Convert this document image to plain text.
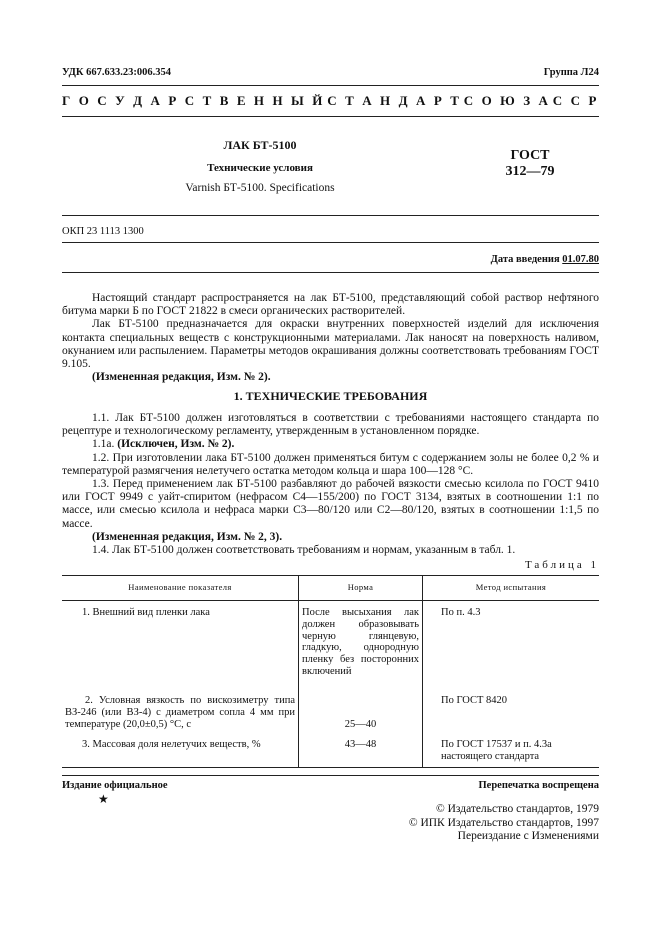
УДК 667.633.23:006.354	Группа Л24
Г О С У Д А Р С Т В Е Н Н Ы Й С Т А Н Д А Р Т С О Ю З А С С Р
ЛАК БТ-5100
Технические условия
Varnish БТ-5100. Specifications
ГОСТ
312—79
ОКП 23 1113 1300
Дата введения 01.07.80

Настоящий стандарт распространяется на лак БТ-5100, представляющий собой раствор нефтяного битума марки Б по ГОСТ 21822 в смеси органических растворителей.

Лак БТ-5100 предназначается для окраски внутренних поверхностей изделий для исключения контакта специальных веществ с конструкционными материалами. Лак наносят на поверхность наливом, окунанием или распылением. Параметры методов окрашивания должны соответствовать требованиям ГОСТ 9.105.

(Измененная редакция, Изм. № 2).

1. ТЕХНИЧЕСКИЕ ТРЕБОВАНИЯ

1.1. Лак БТ-5100 должен изготовляться в соответствии с требованиями настоящего стандарта по рецептуре и технологическому регламенту, утвержденным в установленном порядке.

1.1а. (Исключен, Изм. № 2).

1.2. При изготовлении лака БТ-5100 должен применяться битум с содержанием золы не более 0,2 % и температурой размягчения нелетучего остатка методом кольца и шара 100—128 °С.

1.3. Перед применением лак БТ-5100 разбавляют до рабочей вязкости смесью ксилола по ГОСТ 9410 или ГОСТ 9949 с уайт-спиритом (нефрасом С4—155/200) по ГОСТ 3134, взятых в соотношении 1:1 по массе, или смесью ксилола и нефраса марки С3—80/120 или С2—80/120, взятых в соотношении 1:1,5 по массе.

(Измененная редакция, Изм. № 2, 3).

1.4. Лак БТ-5100 должен соответствовать требованиям и нормам, указанным в табл. 1.

Таблица 1
Наименование показателя	Норма	Метод испытания
1. Внешний вид пленки лака	После высыхания лак должен образовывать черную глянцевую, гладкую, однородную пленку без посторонних включений	По п. 4.3
2. Условная вязкость по вискозиметру типа ВЗ-246 (или ВЗ-4) с диаметром сопла 4 мм при температуре (20,0±0,5) °С, с	25—40	По ГОСТ 8420
3. Массовая доля нелетучих веществ, %	43—48	По ГОСТ 17537 и п. 4.3а настоящего стандарта
Издание официальное	Перепечатка воспрещена
★
© Издательство стандартов, 1979
© ИПК Издательство стандартов, 1997
Переиздание с Изменениями
